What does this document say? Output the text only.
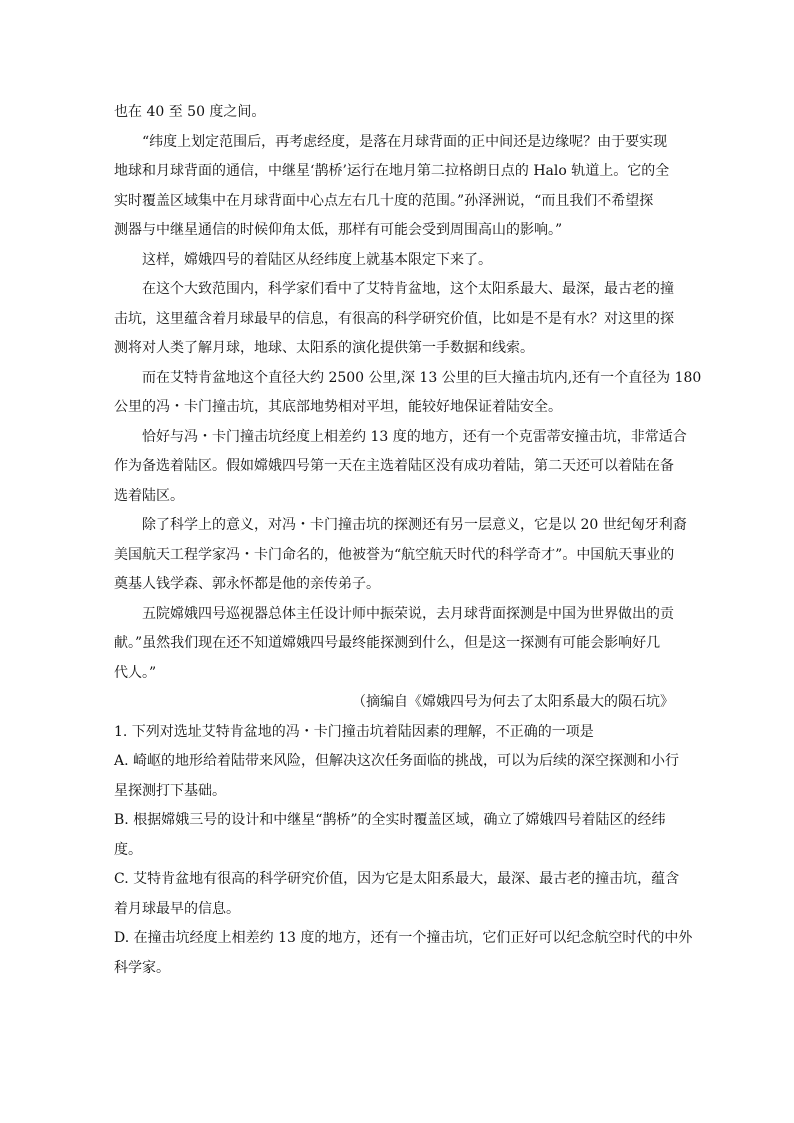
也在 40 至 50 度之间。
“纬度上划定范围后，再考虑经度，是落在月球背面的正中间还是边缘呢？由于要实现
地球和月球背面的通信，中继星‘鹊桥’运行在地月第二拉格朗日点的 Halo 轨道上。它的全
实时覆盖区域集中在月球背面中心点左右几十度的范围。”孙泽洲说，“而且我们不希望探
测器与中继星通信的时候仰角太低，那样有可能会受到周围高山的影响。”
这样，嫦娥四号的着陆区从经纬度上就基本限定下来了。
在这个大致范围内，科学家们看中了艾特肯盆地，这个太阳系最大、最深，最古老的撞
击坑，这里蕴含着月球最早的信息，有很高的科学研究价值，比如是不是有水？对这里的探
测将对人类了解月球，地球、太阳系的演化提供第一手数据和线索。
而在艾特肯盆地这个直径大约 2500 公里,深 13 公里的巨大撞击坑内,还有一个直径为 180
公里的冯・卡门撞击坑，其底部地势相对平坦，能较好地保证着陆安全。
恰好与冯・卡门撞击坑经度上相差约 13 度的地方，还有一个克雷蒂安撞击坑，非常适合
作为备选着陆区。假如嫦娥四号第一天在主选着陆区没有成功着陆，第二天还可以着陆在备
选着陆区。
除了科学上的意义，对冯・卡门撞击坑的探测还有另一层意义，它是以 20 世纪匈牙利裔
美国航天工程学家冯・卡门命名的，他被誉为“航空航天时代的科学奇才”。中国航天事业的
奠基人钱学森、郭永怀都是他的亲传弟子。
五院嫦娥四号巡视器总体主任设计师中振荣说，去月球背面探测是中国为世界做出的贡
献。”虽然我们现在还不知道嫦娥四号最终能探测到什么，但是这一探测有可能会影响好几
代人。”
（摘编自《嫦娥四号为何去了太阳系最大的陨石坑》
1. 下列对选址艾特肯盆地的冯・卡门撞击坑着陆因素的理解，不正确的一项是
A. 崎岖的地形给着陆带来风险，但解决这次任务面临的挑战，可以为后续的深空探测和小行
星探测打下基础。
B. 根据嫦娥三号的设计和中继星“鹊桥”的全实时覆盖区域，确立了嫦娥四号着陆区的经纬
度。
C. 艾特肯盆地有很高的科学研究价值，因为它是太阳系最大，最深、最古老的撞击坑，蕴含
着月球最早的信息。
D. 在撞击坑经度上相差约 13 度的地方，还有一个撞击坑，它们正好可以纪念航空时代的中外
科学家。
